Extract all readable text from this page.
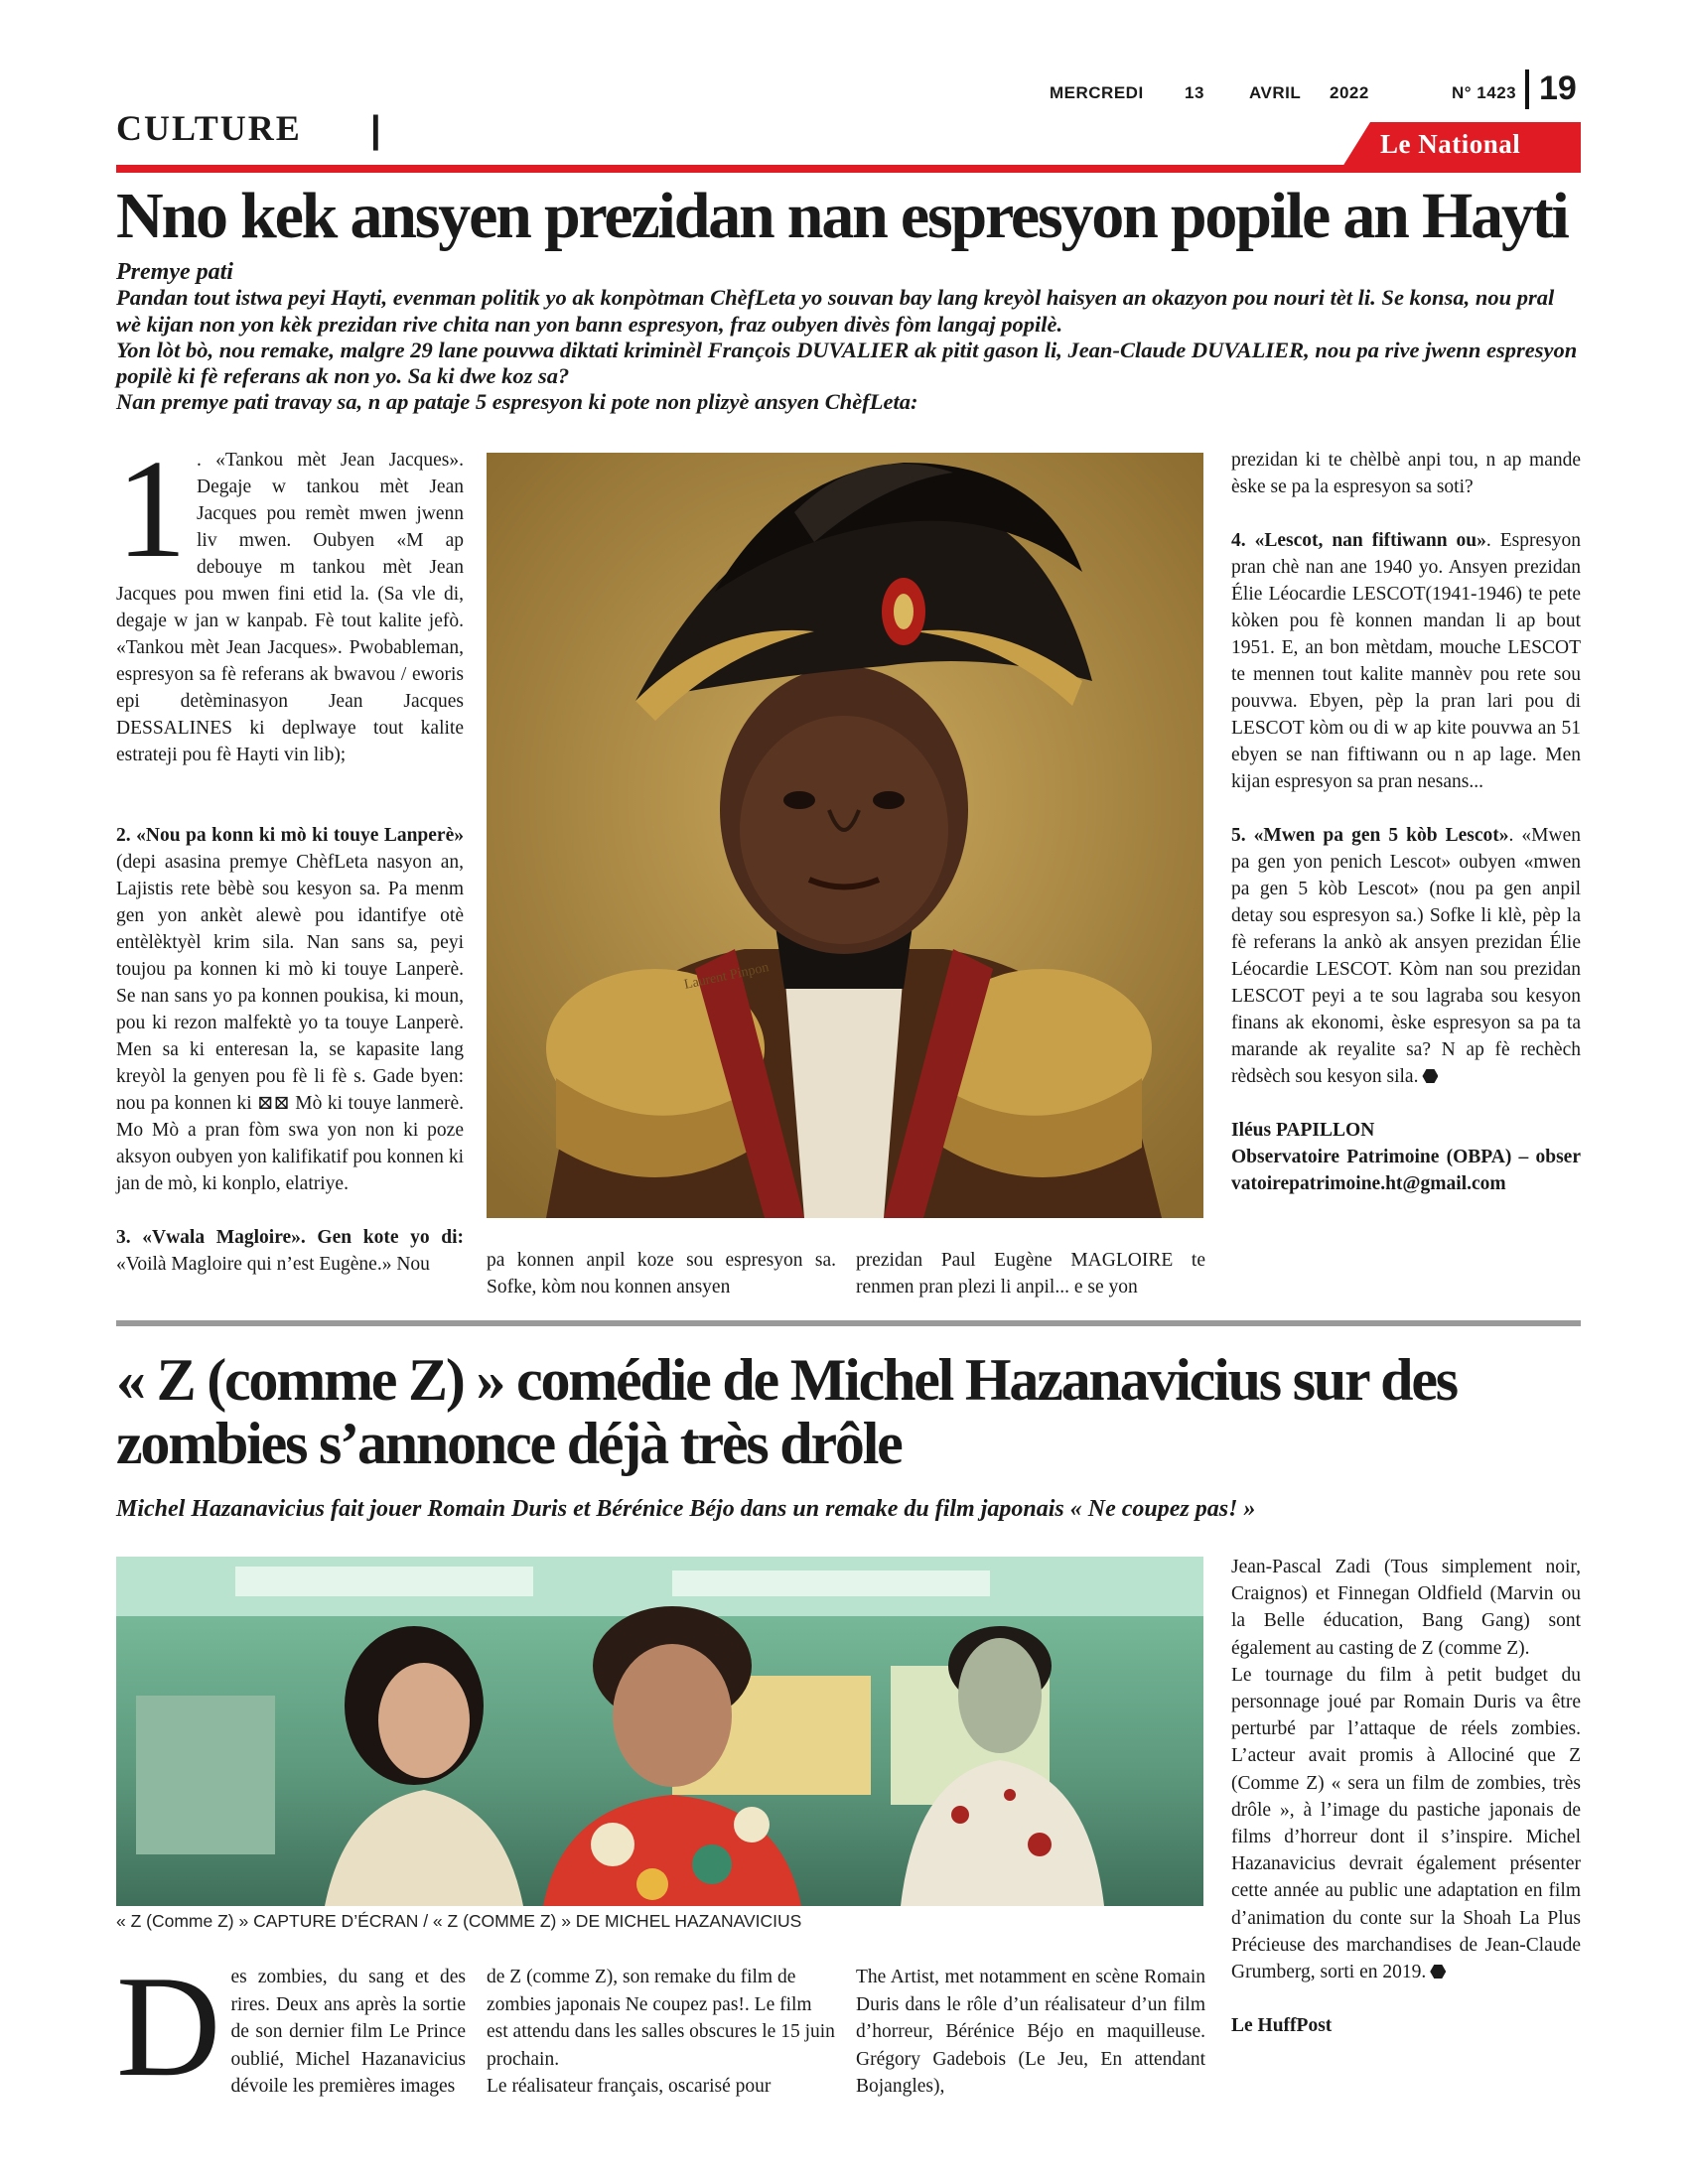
CULTURE |
MERCREDI 13	AVRIL 2022	N° 1423 19
Le National
Nno kek ansyen prezidan nan espresyon popile an Hayti
Premye pati
Pandan tout istwa peyi Hayti, evenman politik yo ak konpòtman ChèfLeta yo souvan bay lang kreyòl haisyen an okazyon pou nouri tèt li. Se konsa, nou pral wè kijan non yon kèk prezidan rive chita nan yon bann espresyon, fraz oubyen divès fòm langaj popilè.
Yon lòt bò, nou remake, malgre 29 lane pouvwa diktati kriminèl François DUVALIER ak pitit gason li, Jean-Claude DUVALIER, nou pa rive jwenn espresyon popilè ki fè referans ak non yo. Sa ki dwe koz sa?
Nan premye pati travay sa, n ap pataje 5 espresyon ki pote non plizyè ansyen ChèfLeta:

1 . «Tankou mèt Jean Jacques». Degaje w tankou mèt Jean Jacques pou remèt mwen jwenn liv mwen. Oubyen «M ap debouye m tankou mèt Jean Jacques pou mwen fini etid la. (Sa vle di, degaje w jan w kanpab. Fè tout kalite jefò. «Tankou mèt Jean Jacques». Pwobableman, espresyon sa fè referans ak bwavou / eworis epi detèminasyon Jean Jacques DESSALINES ki deplwaye tout kalite estrateji pou fè Hayti vin lib);

2. «Nou pa konn ki mò ki touye Lanperè» (depi asasina premye ChèfLeta nasyon an, Lajistis rete bèbè sou kesyon sa. Pa menm gen yon ankèt alewè pou idantifye otè entèlèktyèl krim sila. Nan sans sa, peyi toujou pa konnen ki mò ki touye Lanperè. Se nan sans yo pa konnen poukisa, ki moun, pou ki rezon malfektè yo ta touye Lanperè. Men sa ki enteresan la, se kapasite lang kreyòl la genyen pou fè li fè s. Gade byen: nou pa konnen ki ⊠⊠ Mò ki touye lanmerè. Mo Mò a pran fòm swa yon non ki poze aksyon oubyen yon kalifikatif pou konnen ki jan de mò, ki konplo, elatriye.

3. «Vwala Magloire». Gen kote yo di: «Voilà Magloire qui n’est Eugène.» Nou

Laurent Pinpon
pa konnen anpil koze sou espresyon sa. Sofke, kòm nou konnen ansyen
prezidan Paul Eugène MAGLOIRE te renmen pran plezi li anpil... e se yon

prezidan ki te chèlbè anpi tou, n ap mande èske se pa la espresyon sa soti?

4. «Lescot, nan fiftiwann ou». Espresyon pran chè nan ane 1940 yo. Ansyen prezidan Élie Léocardie LESCOT(1941-1946) te pete kòken pou fè konnen mandan li ap bout 1951. E, an bon mètdam, mouche LESCOT te mennen tout kalite mannèv pou rete sou pouvwa. Ebyen, pèp la pran lari pou di LESCOT kòm ou di w ap kite pouvwa an 51 ebyen se nan fiftiwann ou n ap lage. Men kijan espresyon sa pran nesans...

5. «Mwen pa gen 5 kòb Lescot». «Mwen pa gen yon penich Lescot» oubyen «mwen pa gen 5 kòb Lescot» (nou pa gen anpil detay sou espresyon sa.) Sofke li klè, pèp la fè referans la ankò ak ansyen prezidan Élie Léocardie LESCOT. Kòm nan sou prezidan LESCOT peyi a te sou lagraba sou kesyon finans ak ekonomi, èske espresyon sa pa ta marande ak reyalite sa? N ap fè rechèch rèdsèch sou kesyon sila.

Iléus PAPILLON

Observatoire Patrimoine (OBPA) – observatoirepatrimoine.ht@gmail.com

« Z (comme Z) » comédie de Michel Hazanavicius sur des
zombies s’annonce déjà très drôle
Michel Hazanavicius fait jouer Romain Duris et Bérénice Béjo dans un remake du film japonais « Ne coupez pas! »
« Z (Comme Z) » CAPTURE D’ÉCRAN / « Z (COMME Z) » DE MICHEL HAZANAVICIUS

Des zombies, du sang et des rires. Deux ans après la sortie de son dernier film Le Prince oublié, Michel Hazanavicius dévoile les premières images

de Z (comme Z), son remake du film de zombies japonais Ne coupez pas!. Le film est attendu dans les salles obscures le 15 juin prochain.

Le réalisateur français, oscarisé pour

The Artist, met notamment en scène Romain Duris dans le rôle d’un réalisateur d’un film d’horreur, Bérénice Béjo en maquilleuse. Grégory Gadebois (Le Jeu, En attendant Bojangles),

Jean-Pascal Zadi (Tous simplement noir, Craignos) et Finnegan Oldfield (Marvin ou la Belle éducation, Bang Gang) sont également au casting de Z (comme Z).

Le tournage du film à petit budget du personnage joué par Romain Duris va être perturbé par l’attaque de réels zombies. L’acteur avait promis à Allociné que Z (Comme Z) « sera un film de zombies, très drôle », à l’image du pastiche japonais de films d’horreur dont il s’inspire. Michel Hazanavicius devrait également présenter cette année au public une adaptation en film d’animation du conte sur la Shoah La Plus Précieuse des marchandises de Jean-Claude Grumberg, sorti en 2019.

Le HuffPost
